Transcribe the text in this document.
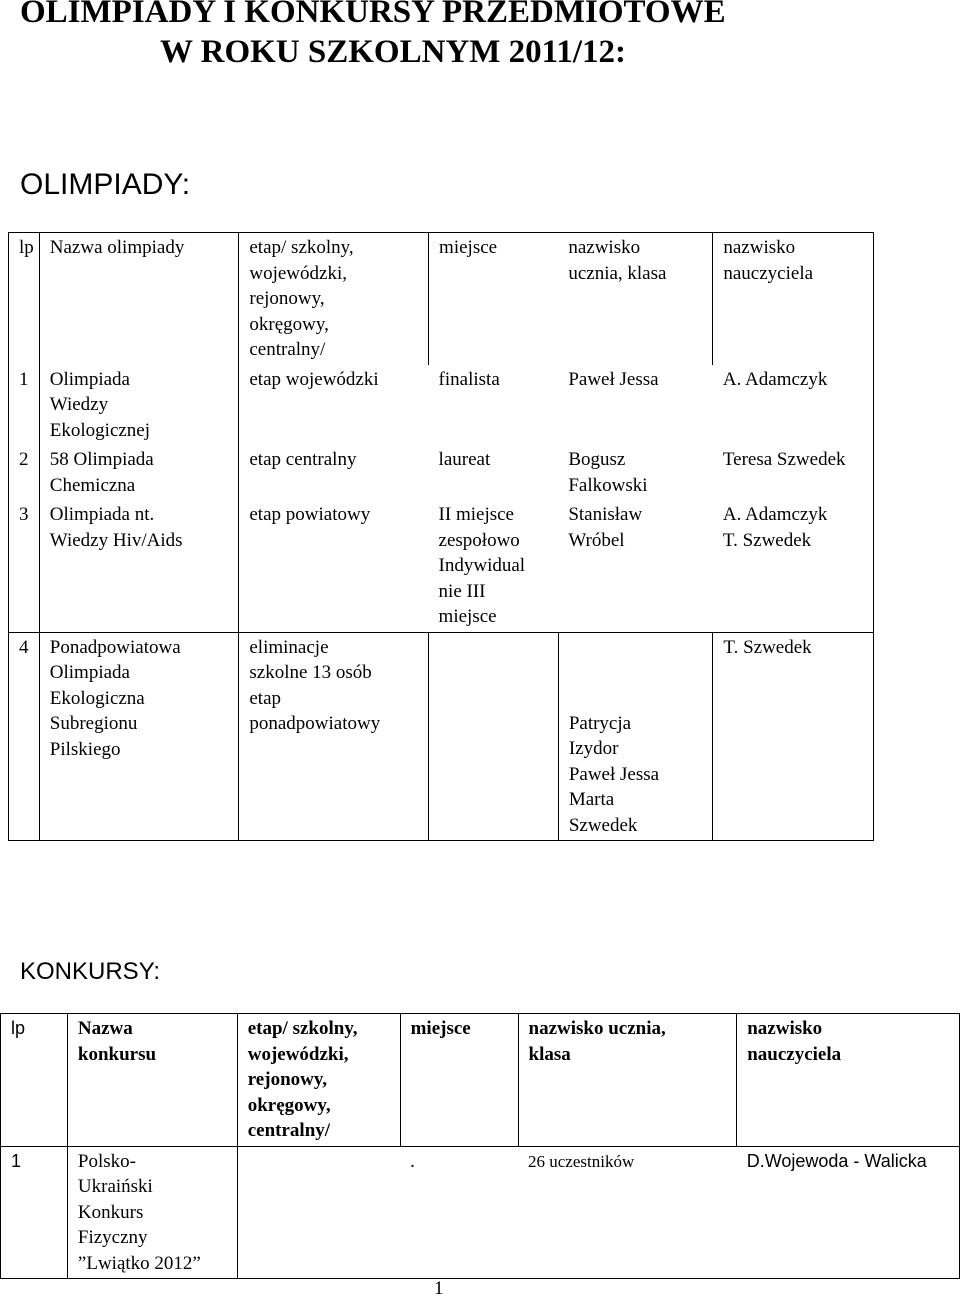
OLIMPIADY I KONKURSY PRZEDMIOTOWE
W ROKU SZKOLNYM 2011/12:
OLIMPIADY:
lp	Nazwa olimpiady	etap/ szkolny,
wojewódzki,
rejonowy,
okręgowy,
centralny/	miejsce	nazwisko
ucznia, klasa	nazwisko
nauczyciela
1	Olimpiada
Wiedzy
Ekologicznej	etap wojewódzki	finalista	Paweł Jessa	A. Adamczyk
2	58 Olimpiada
Chemiczna	etap centralny	laureat	Bogusz
Falkowski	Teresa Szwedek
3	Olimpiada nt.
Wiedzy Hiv/Aids	etap powiatowy	II miejsce
zespołowo
Indywidual
nie III
miejsce	Stanisław
Wróbel	A. Adamczyk
T. Szwedek
4	Ponadpowiatowa
Olimpiada
Ekologiczna
Subregionu
Pilskiego	eliminacje
szkolne 13 osób
etap
ponadpowiatowy		Patrycja
Izydor
Paweł Jessa
Marta
Szwedek	T. Szwedek
KONKURSY:
lp	Nazwa
konkursu	etap/ szkolny,
wojewódzki,
rejonowy,
okręgowy,
centralny/	miejsce	nazwisko ucznia,
klasa	nazwisko
nauczyciela
1	Polsko-
Ukraiński
Konkurs
Fizyczny
”Lwiątko 2012”		.	26 uczestników	D.Wojewoda - Walicka
1
